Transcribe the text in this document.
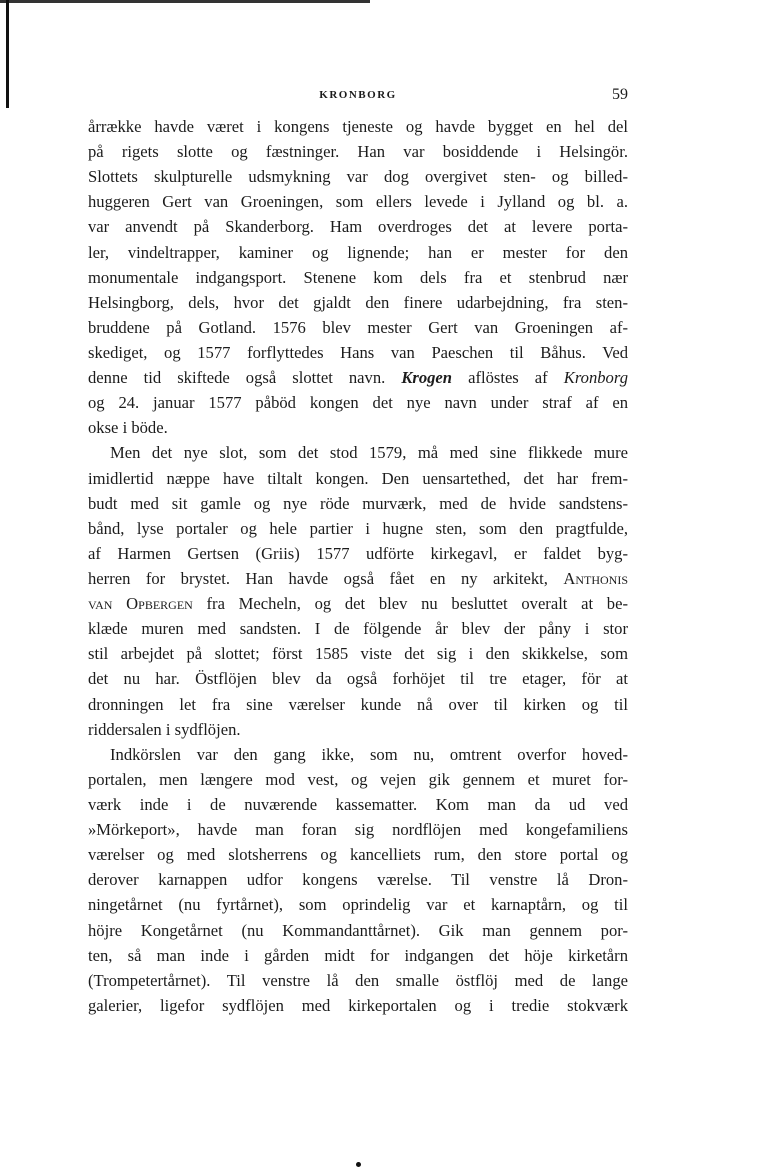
KRONBORG	59
årrække havde været i kongens tjeneste og havde bygget en hel del
på rigets slotte og fæstninger. Han var bosiddende i Helsingör.
Slottets skulpturelle udsmykning var dog overgivet sten- og billed-
huggeren Gert van Groeningen, som ellers levede i Jylland og bl. a.
var anvendt på Skanderborg. Ham overdroges det at levere porta-
ler, vindeltrapper, kaminer og lignende; han er mester for den
monumentale indgangsport. Stenene kom dels fra et stenbrud nær
Helsingborg, dels, hvor det gjaldt den finere udarbejdning, fra sten-
bruddene på Gotland. 1576 blev mester Gert van Groeningen af-
skediget, og 1577 forflyttedes Hans van Paeschen til Båhus. Ved
denne tid skiftede også slottet navn. Krogen aflöstes af Kronborg
og 24. januar 1577 påböd kongen det nye navn under straf af en
okse i böde.
Men det nye slot, som det stod 1579, må med sine flikkede mure
imidlertid næppe have tiltalt kongen. Den uensartethed, det har frem-
budt med sit gamle og nye röde murværk, med de hvide sandstens-
bånd, lyse portaler og hele partier i hugne sten, som den pragtfulde,
af Harmen Gertsen (Griis) 1577 udförte kirkegavl, er faldet byg-
herren for brystet. Han havde også fået en ny arkitekt, Anthonis
van Opbergen fra Mecheln, og det blev nu besluttet overalt at be-
klæde muren med sandsten. I de fölgende år blev der påny i stor
stil arbejdet på slottet; först 1585 viste det sig i den skikkelse, som
det nu har. Östflöjen blev da også forhöjet til tre etager, för at
dronningen let fra sine værelser kunde nå over til kirken og til
riddersalen i sydflöjen.
Indkörslen var den gang ikke, som nu, omtrent overfor hoved-
portalen, men længere mod vest, og vejen gik gennem et muret for-
værk inde i de nuværende kassematter. Kom man da ud ved
»Mörkeport», havde man foran sig nordflöjen med kongefamiliens
værelser og med slotsherrens og kancelliets rum, den store portal og
derover karnappen udfor kongens værelse. Til venstre lå Dron-
ningetårnet (nu fyrtårnet), som oprindelig var et karnaptårn, og til
höjre Kongetårnet (nu Kommandanttårnet). Gik man gennem por-
ten, så man inde i gården midt for indgangen det höje kirketårn
(Trompetertårnet). Til venstre lå den smalle östflöj med de lange
galerier, ligefor sydflöjen med kirkeportalen og i tredie stokværk
